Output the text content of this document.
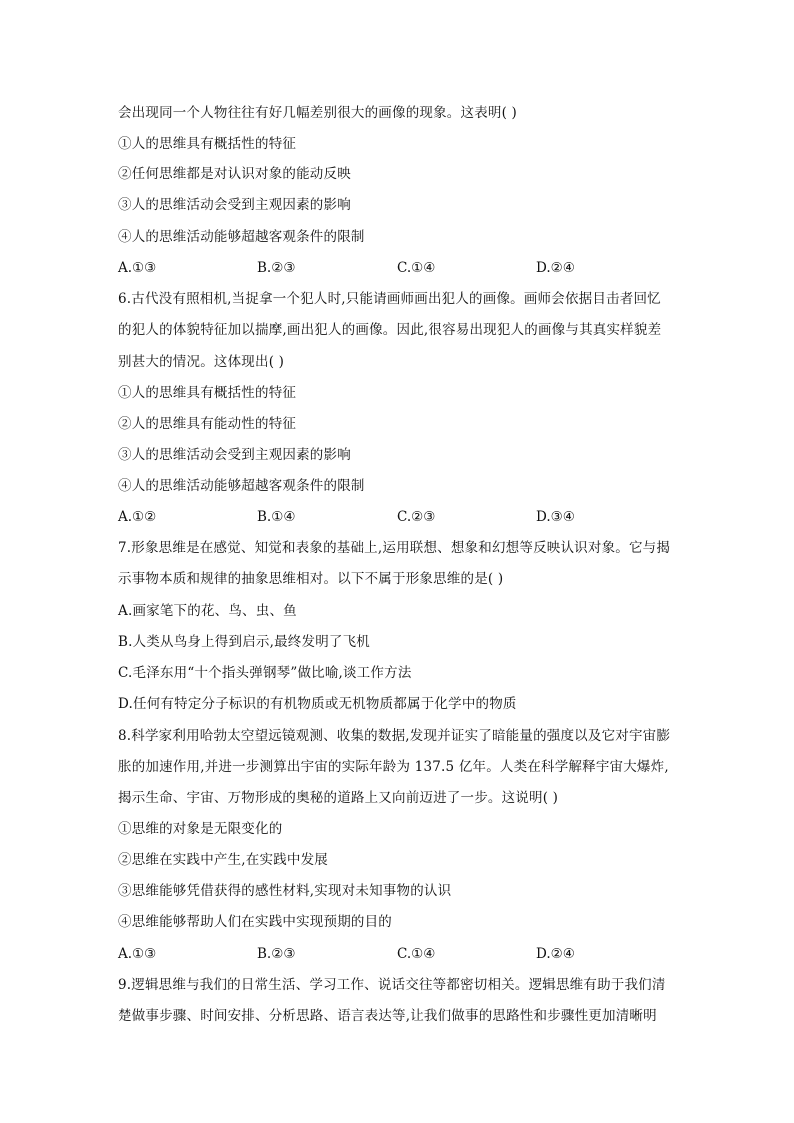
会出现同一个人物往往有好几幅差别很大的画像的现象。这表明( )
①人的思维具有概括性的特征
②任何思维都是对认识对象的能动反映
③人的思维活动会受到主观因素的影响
④人的思维活动能够超越客观条件的限制
A.①③	B.②③	C.①④	D.②④
6.古代没有照相机,当捉拿一个犯人时,只能请画师画出犯人的画像。画师会依据目击者回忆
的犯人的体貌特征加以揣摩,画出犯人的画像。因此,很容易出现犯人的画像与其真实样貌差
别甚大的情况。这体现出( )
①人的思维具有概括性的特征
②人的思维具有能动性的特征
③人的思维活动会受到主观因素的影响
④人的思维活动能够超越客观条件的限制
A.①②	B.①④	C.②③	D.③④
7.形象思维是在感觉、知觉和表象的基础上,运用联想、想象和幻想等反映认识对象。它与揭
示事物本质和规律的抽象思维相对。以下不属于形象思维的是( )
A.画家笔下的花、鸟、虫、鱼
B.人类从鸟身上得到启示,最终发明了飞机
C.毛泽东用“十个指头弹钢琴”做比喻,谈工作方法
D.任何有特定分子标识的有机物质或无机物质都属于化学中的物质
8.科学家利用哈勃太空望远镜观测、收集的数据,发现并证实了暗能量的强度以及它对宇宙膨
胀的加速作用,并进一步测算出宇宙的实际年龄为 137.5 亿年。人类在科学解释宇宙大爆炸,
揭示生命、宇宙、万物形成的奥秘的道路上又向前迈进了一步。这说明( )
①思维的对象是无限变化的
②思维在实践中产生,在实践中发展
③思维能够凭借获得的感性材料,实现对未知事物的认识
④思维能够帮助人们在实践中实现预期的目的
A.①③	B.②③	C.①④	D.②④
9.逻辑思维与我们的日常生活、学习工作、说话交往等都密切相关。逻辑思维有助于我们清
楚做事步骤、时间安排、分析思路、语言表达等,让我们做事的思路性和步骤性更加清晰明
